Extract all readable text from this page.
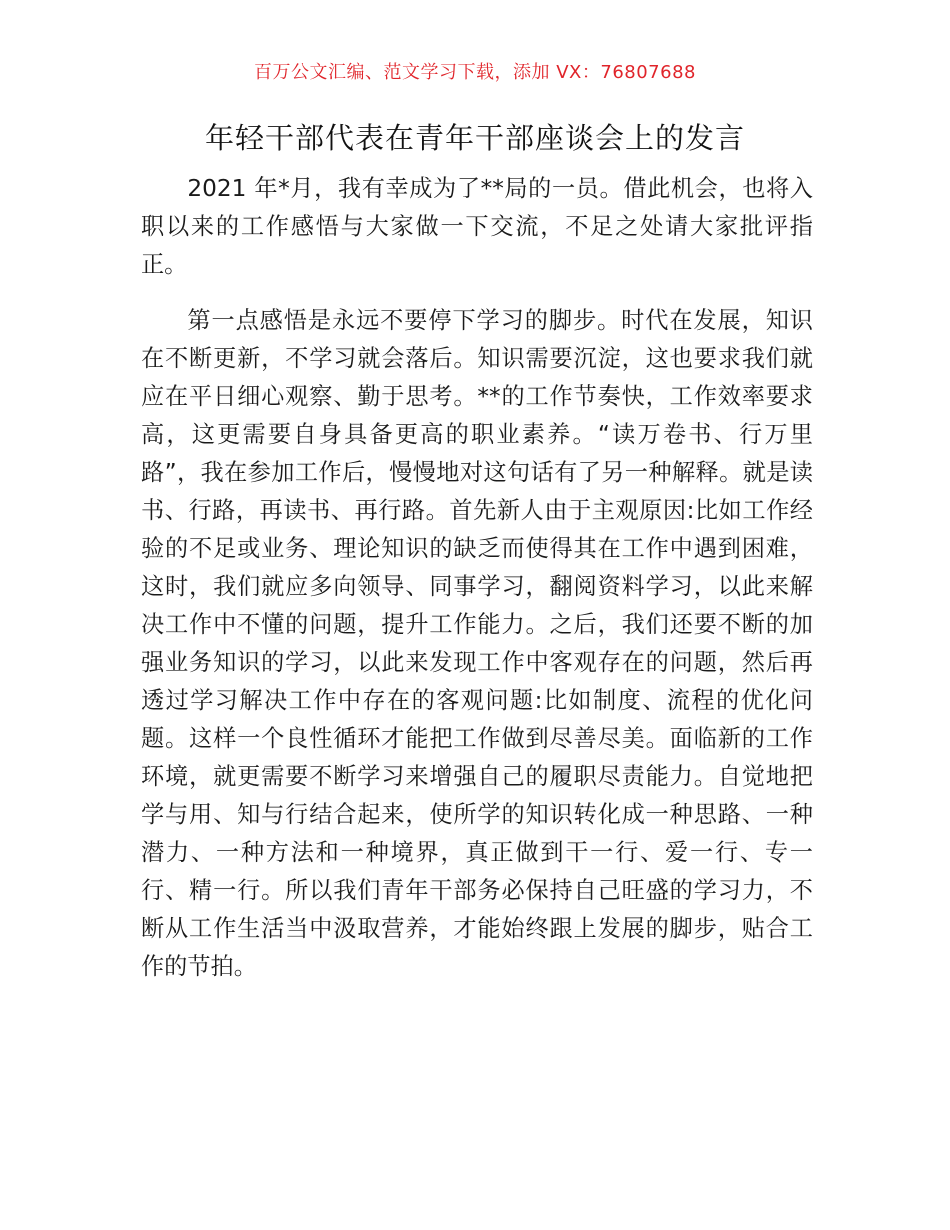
百万公文汇编、范文学习下载，添加 VX：76807688
年轻干部代表在青年干部座谈会上的发言

2021 年*月，我有幸成为了**局的一员。借此机会，也将入职以来的工作感悟与大家做一下交流，不足之处请大家批评指正。

第一点感悟是永远不要停下学习的脚步。时代在发展，知识在不断更新，不学习就会落后。知识需要沉淀，这也要求我们就应在平日细心观察、勤于思考。**的工作节奏快，工作效率要求高，这更需要自身具备更高的职业素养。“读万卷书、行万里路”，我在参加工作后，慢慢地对这句话有了另一种解释。就是读书、行路，再读书、再行路。首先新人由于主观原因:比如工作经验的不足或业务、理论知识的缺乏而使得其在工作中遇到困难，这时，我们就应多向领导、同事学习，翻阅资料学习，以此来解决工作中不懂的问题，提升工作能力。之后，我们还要不断的加强业务知识的学习，以此来发现工作中客观存在的问题，然后再透过学习解决工作中存在的客观问题:比如制度、流程的优化问题。这样一个良性循环才能把工作做到尽善尽美。面临新的工作环境，就更需要不断学习来增强自己的履职尽责能力。自觉地把学与用、知与行结合起来，使所学的知识转化成一种思路、一种潜力、一种方法和一种境界，真正做到干一行、爱一行、专一行、精一行。所以我们青年干部务必保持自己旺盛的学习力，不断从工作生活当中汲取营养，才能始终跟上发展的脚步，贴合工作的节拍。
